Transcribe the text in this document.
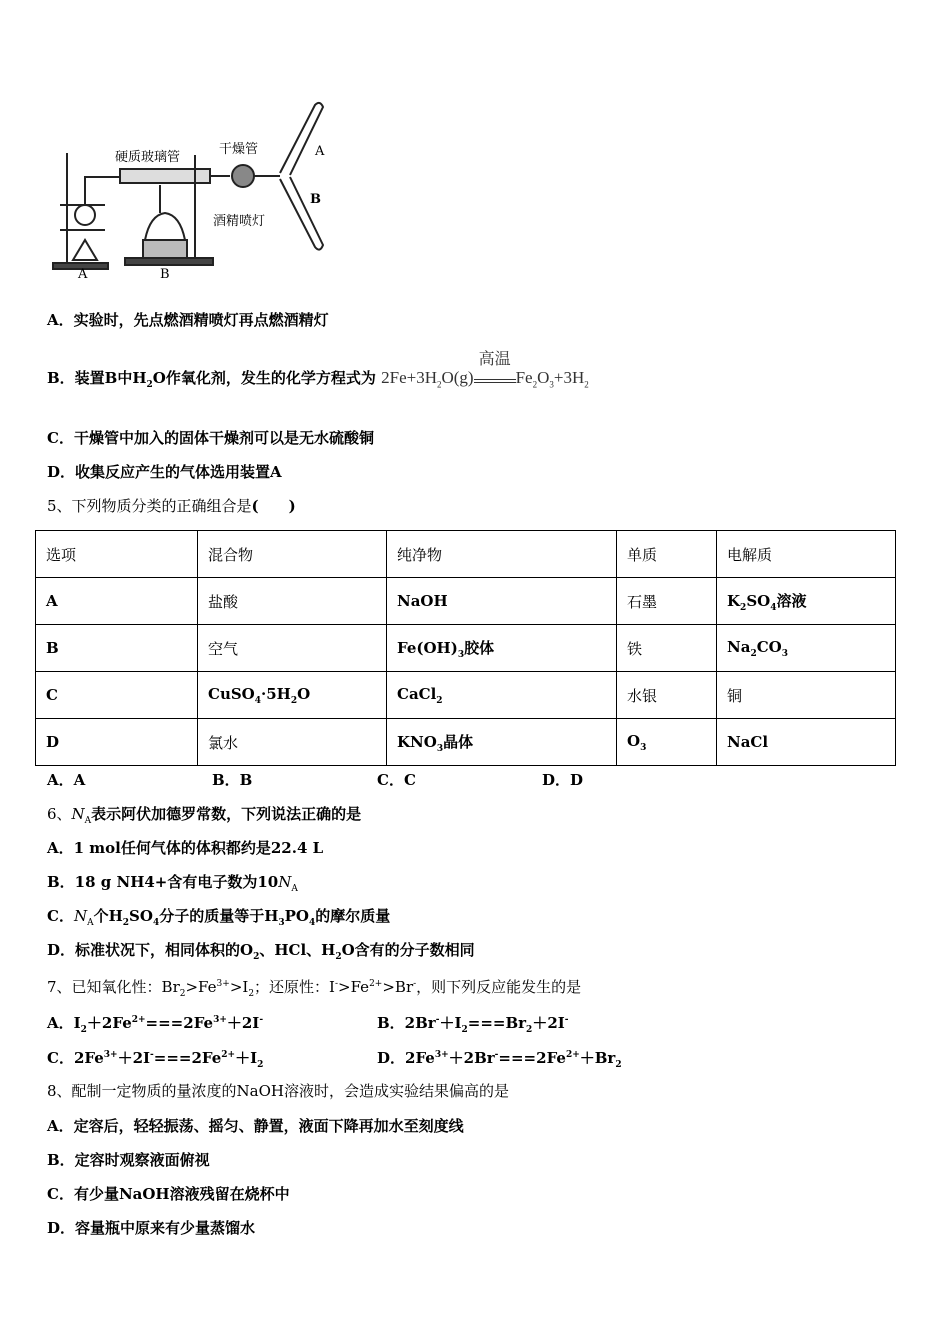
硬质玻璃管
干燥管
酒精喷灯
A	B
A
B
A．实验时，先点燃酒精喷灯再点燃酒精灯
B．装置B中$H_2O$作氧化剂，发生的化学方程式为 $2Fe+3H_2O(g)$
高温
$Fe_2O_3+3H_2$
C．干燥管中加入的固体干燥剂可以是无水硫酸铜
D．收集反应产生的气体选用装置A
5、下列物质分类的正确组合是(　　)
选项	混合物	纯净物	单质	电解质
A	盐酸	NaOH	石墨	$K_2SO_4$溶液
B	空气	$Fe(OH)_3$胶体	铁	$Na_2CO_3$
C	$CuSO_4\cdot 5H_2O$	CaCl$_2$	水银	铜
D	氯水	$KNO_3$晶体	$O_3$	NaCl
A．A	B．B	C．C	D．D
6、$N_A$表示阿伏加德罗常数，下列说法正确的是
A．1 mol任何气体的体积都约是22.4 L
B．18 g NH4+含有电子数为$10N_A$
C．$N_A$个$H_2SO_4$分子的质量等于$H_3PO_4$的摩尔质量
D．标准状况下，相同体积的$O_2$、HCl、$H_2O$含有的分子数相同
7、已知氧化性：$Br_2>Fe^{3+}>I_2$；还原性：$I^->Fe^{2+}>Br^-$，则下列反应能发生的是
A．$I_2+2Fe^{2+}===2Fe^{3+}+2I^-$	B．$2Br^-+I_2===Br_2+2I^-$
C．$2Fe^{3+}+2I^-===2Fe^{2+}+I_2$	D．$2Fe^{3+}+2Br^-===2Fe^{2+}+Br_2$
8、配制一定物质的量浓度的NaOH溶液时，会造成实验结果偏高的是
A．定容后，轻轻振荡、摇匀、静置，液面下降再加水至刻度线
B．定容时观察液面俯视
C．有少量NaOH溶液残留在烧杯中
D．容量瓶中原来有少量蒸馏水
